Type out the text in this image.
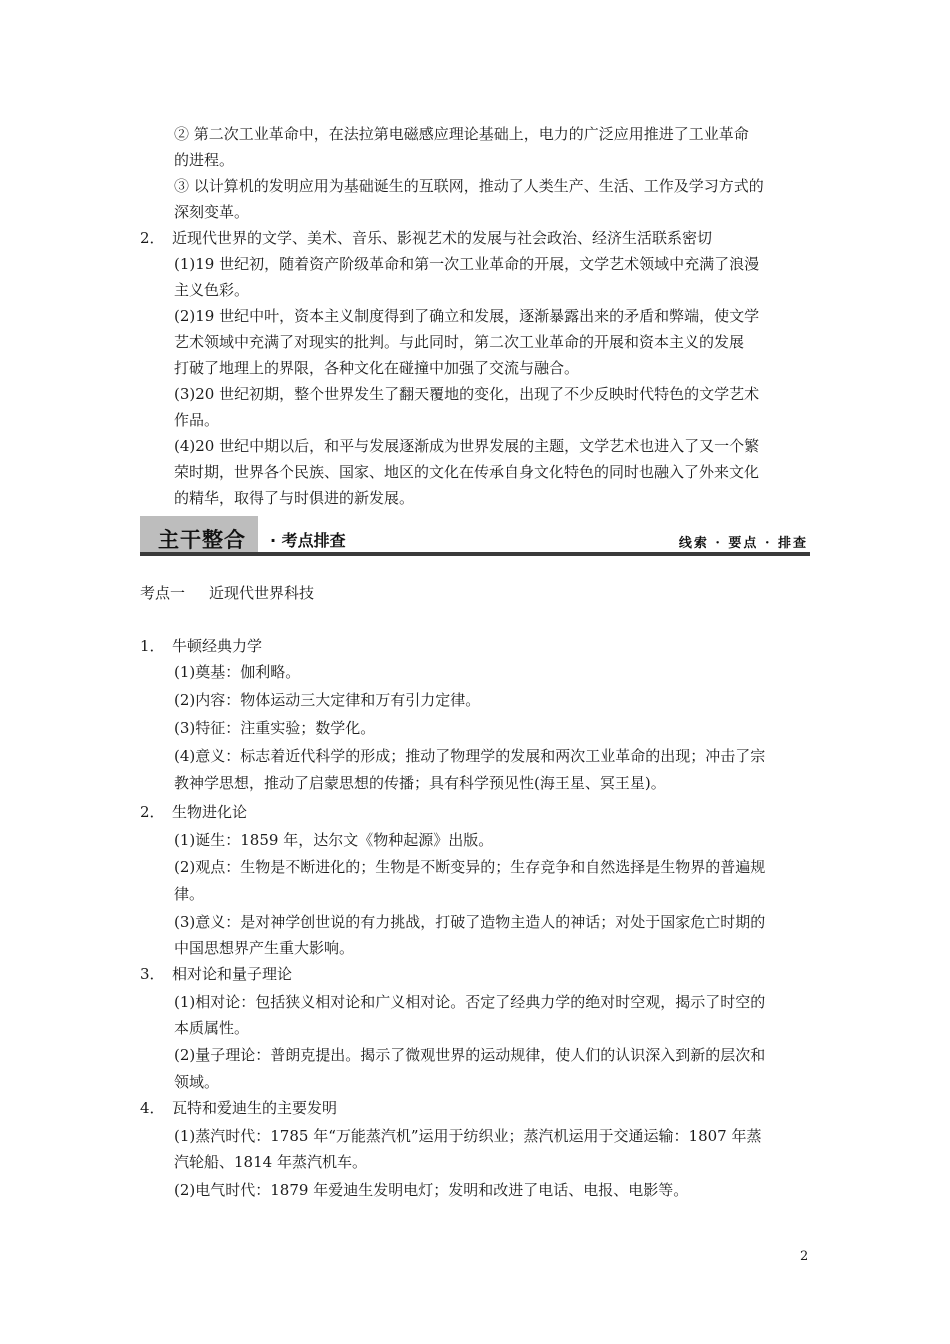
② 第二次工业革命中，在法拉第电磁感应理论基础上，电力的广泛应用推进了工业革命
的进程。
③ 以计算机的发明应用为基础诞生的互联网，推动了人类生产、生活、工作及学习方式的
深刻变革。
2． 近现代世界的文学、美术、音乐、影视艺术的发展与社会政治、经济生活联系密切
(1)19 世纪初，随着资产阶级革命和第一次工业革命的开展，文学艺术领域中充满了浪漫
主义色彩。
(2)19 世纪中叶，资本主义制度得到了确立和发展，逐渐暴露出来的矛盾和弊端，使文学
艺术领域中充满了对现实的批判。与此同时，第二次工业革命的开展和资本主义的发展
打破了地理上的界限，各种文化在碰撞中加强了交流与融合。
(3)20 世纪初期，整个世界发生了翻天覆地的变化，出现了不少反映时代特色的文学艺术
作品。
(4)20 世纪中期以后，和平与发展逐渐成为世界发展的主题，文学艺术也进入了又一个繁
荣时期，世界各个民族、国家、地区的文化在传承自身文化特色的同时也融入了外来文化
的精华，取得了与时俱进的新发展。
主干整合 · 考点排查	线索 · 要点 · 排查
考点一 近现代世界科技
1． 牛顿经典力学
(1)奠基：伽利略。
(2)内容：物体运动三大定律和万有引力定律。
(3)特征：注重实验；数学化。
(4)意义：标志着近代科学的形成；推动了物理学的发展和两次工业革命的出现；冲击了宗
教神学思想，推动了启蒙思想的传播；具有科学预见性(海王星、冥王星)。
2． 生物进化论
(1)诞生：1859 年，达尔文《物种起源》出版。
(2)观点：生物是不断进化的；生物是不断变异的；生存竞争和自然选择是生物界的普遍规
律。
(3)意义：是对神学创世说的有力挑战，打破了造物主造人的神话；对处于国家危亡时期的
中国思想界产生重大影响。
3． 相对论和量子理论
(1)相对论：包括狭义相对论和广义相对论。否定了经典力学的绝对时空观，揭示了时空的
本质属性。
(2)量子理论：普朗克提出。揭示了微观世界的运动规律，使人们的认识深入到新的层次和
领域。
4． 瓦特和爱迪生的主要发明
(1)蒸汽时代：1785 年“万能蒸汽机”运用于纺织业；蒸汽机运用于交通运输：1807 年蒸
汽轮船、1814 年蒸汽机车。
(2)电气时代：1879 年爱迪生发明电灯；发明和改进了电话、电报、电影等。
2
